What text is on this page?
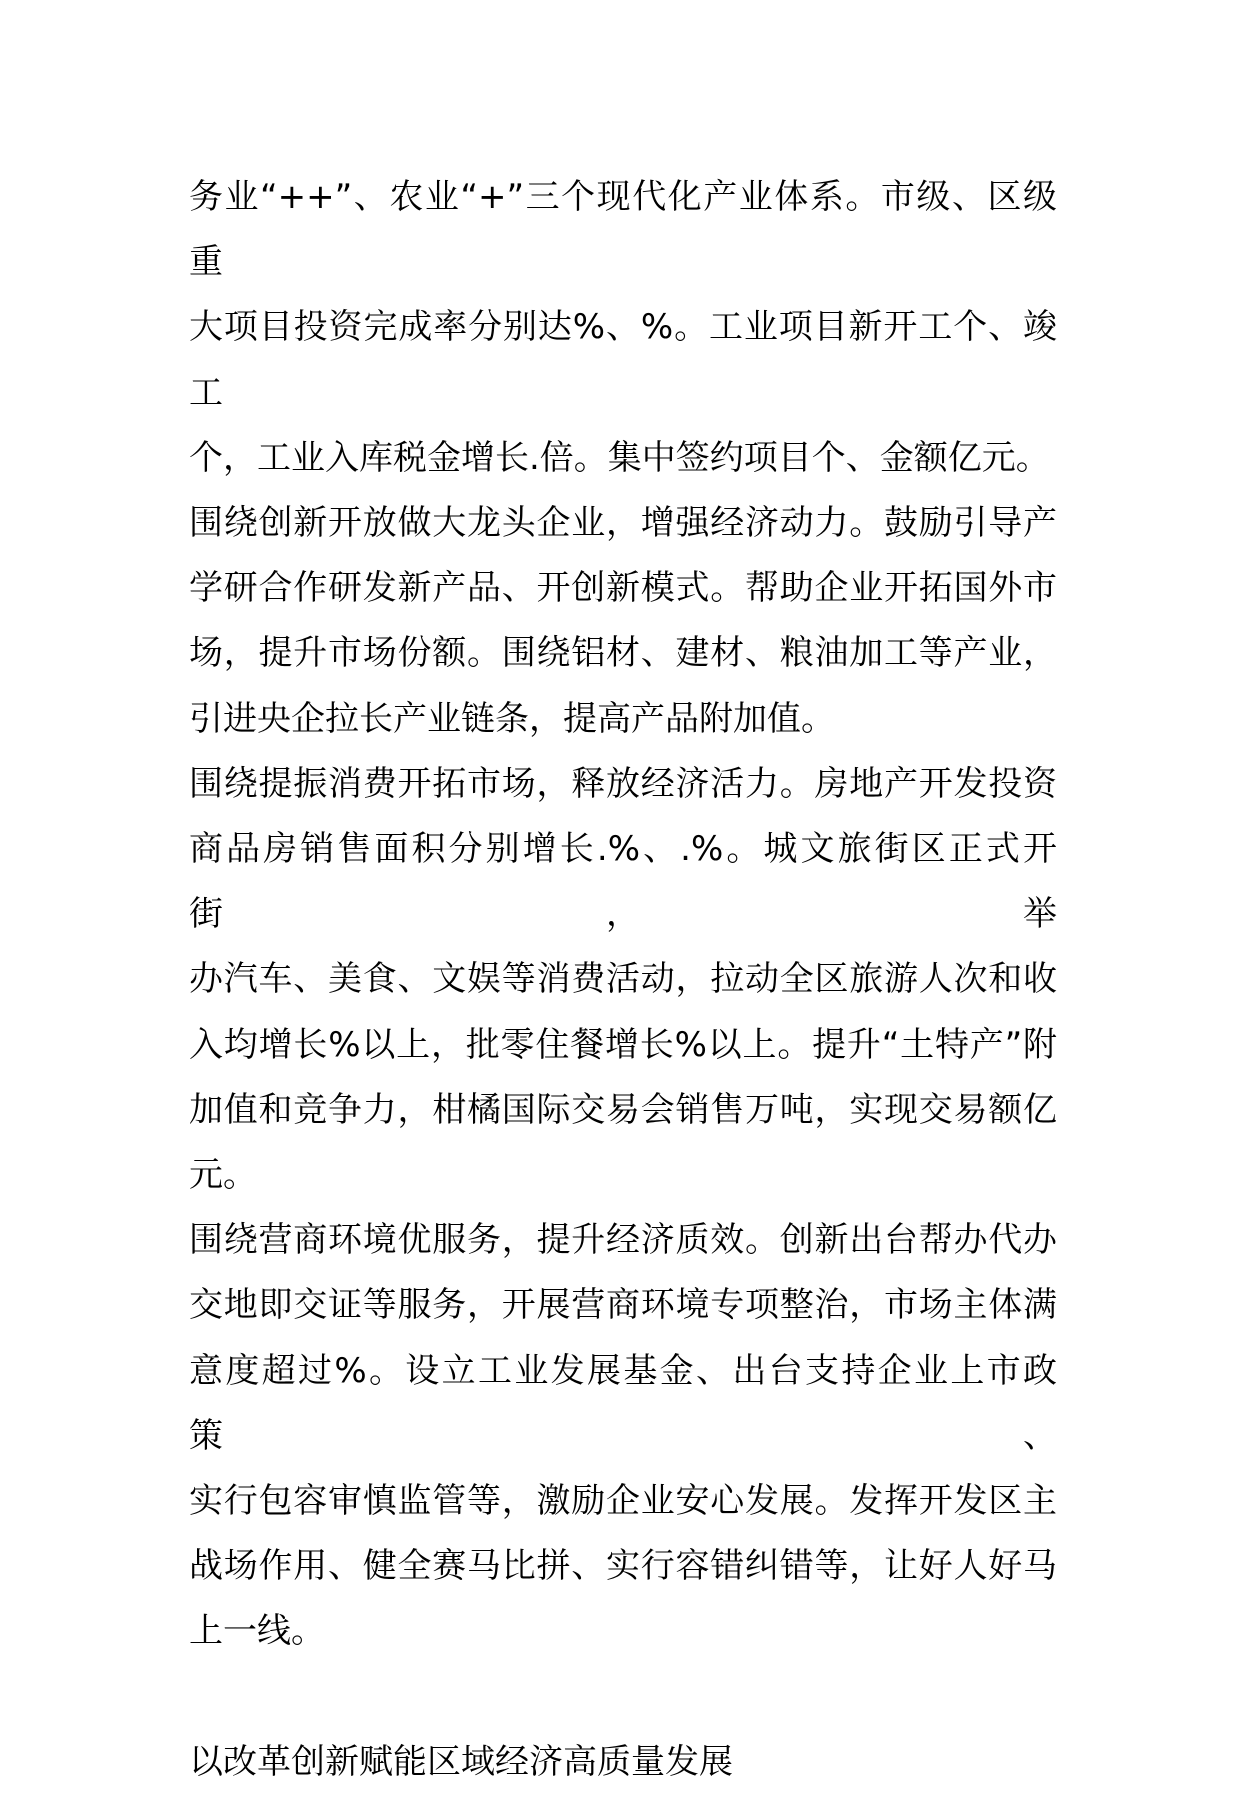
务业“++”、农业“+”三个现代化产业体系。市级、区级重
大项目投资完成率分别达%、%。工业项目新开工个、竣工
个，工业入库税金增长.倍。集中签约项目个、金额亿元。
围绕创新开放做大龙头企业，增强经济动力。鼓励引导产
学研合作研发新产品、开创新模式。帮助企业开拓国外市
场，提升市场份额。围绕铝材、建材、粮油加工等产业，
引进央企拉长产业链条，提高产品附加值。
围绕提振消费开拓市场，释放经济活力。房地产开发投资
商品房销售面积分别增长.%、.%。城文旅街区正式开街，举
办汽车、美食、文娱等消费活动，拉动全区旅游人次和收
入均增长%以上，批零住餐增长%以上。提升“土特产”附
加值和竞争力，柑橘国际交易会销售万吨，实现交易额亿
元。
围绕营商环境优服务，提升经济质效。创新出台帮办代办
交地即交证等服务，开展营商环境专项整治，市场主体满
意度超过%。设立工业发展基金、出台支持企业上市政策、
实行包容审慎监管等，激励企业安心发展。发挥开发区主
战场作用、健全赛马比拼、实行容错纠错等，让好人好马
上一线。
以改革创新赋能区域经济高质量发展
